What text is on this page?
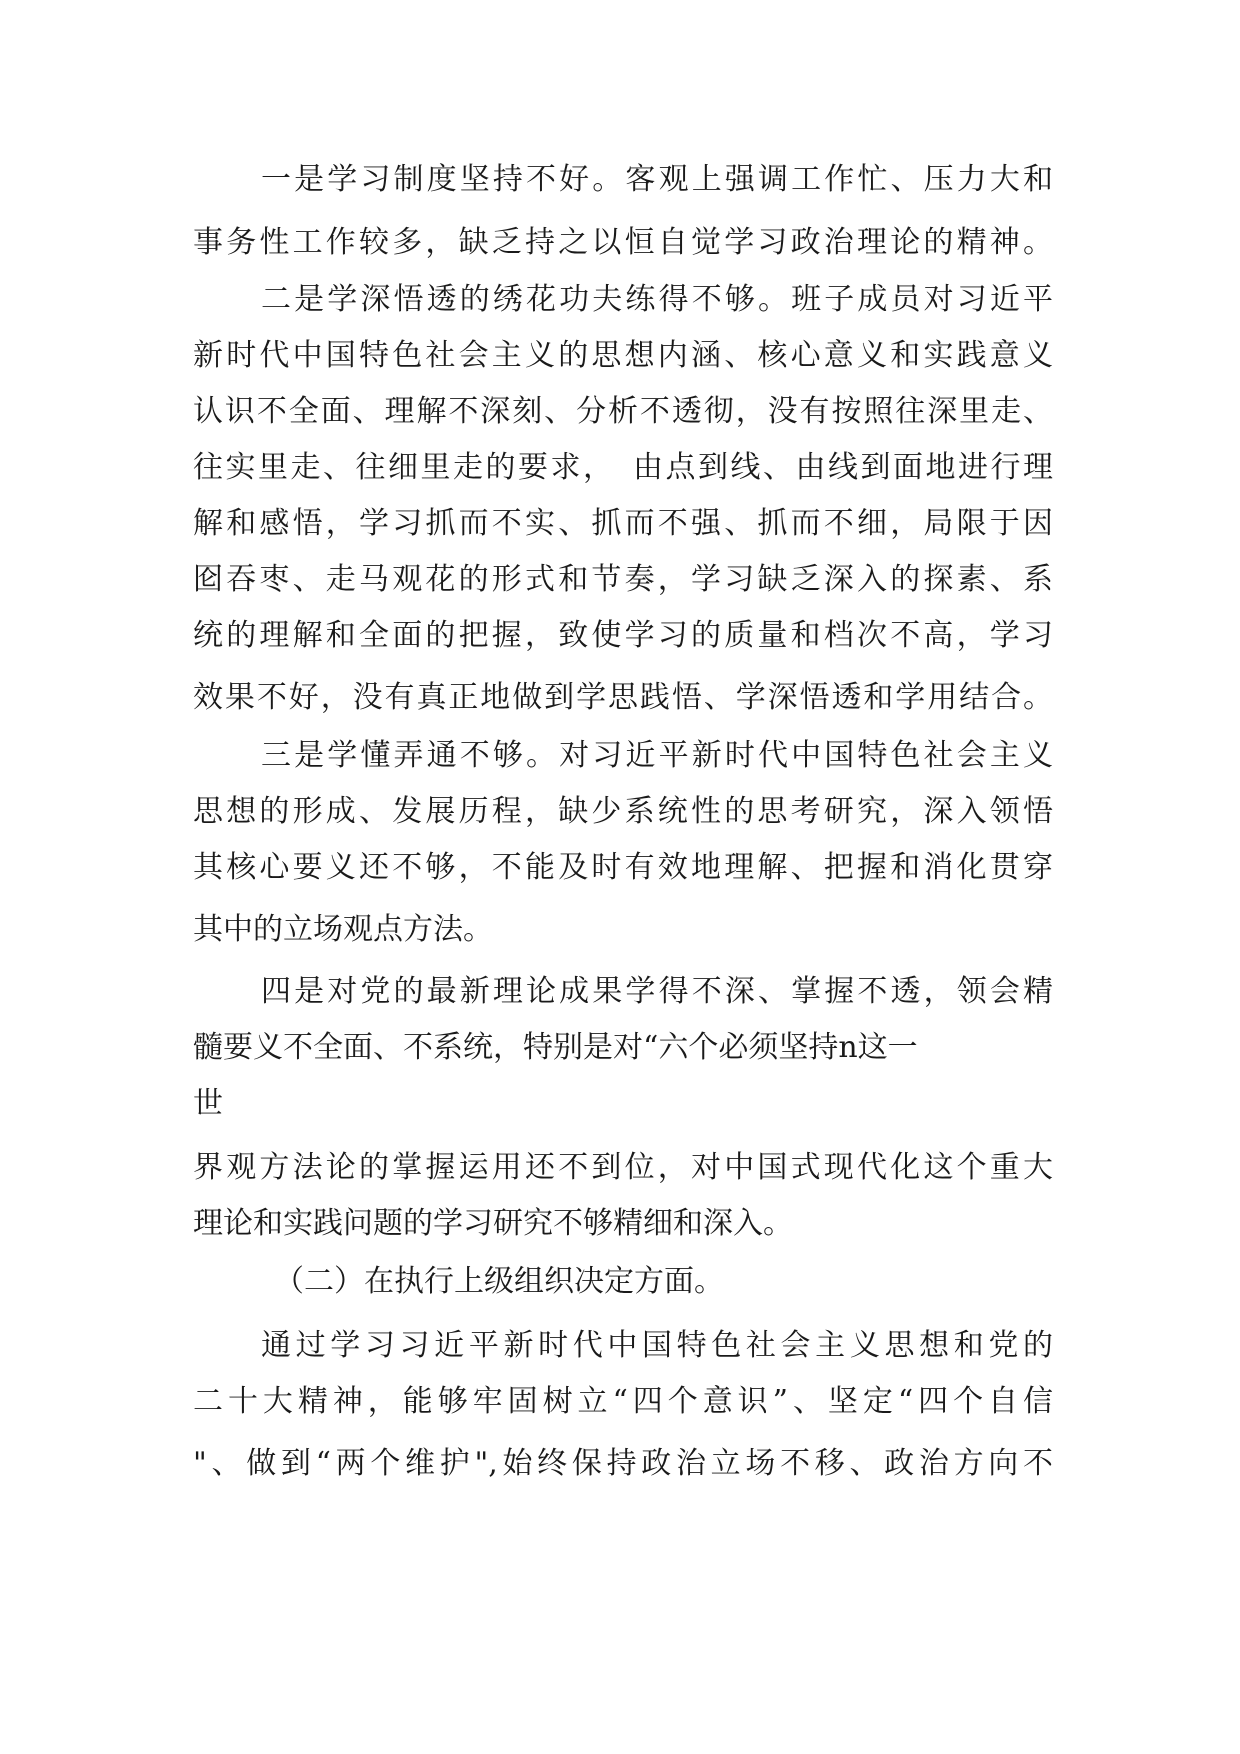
一是学习制度坚持不好。客观上强调工作忙、压力大和
事务性工作较多，缺乏持之以恒自觉学习政治理论的精神。
二是学深悟透的绣花功夫练得不够。班子成员对习近平
新时代中国特色社会主义的思想内涵、核心意义和实践意义
认识不全面、理解不深刻、分析不透彻，没有按照往深里走、
往实里走、往细里走的要求，　由点到线、由线到面地进行理
解和感悟，学习抓而不实、抓而不强、抓而不细，局限于因
囵吞枣、走马观花的形式和节奏，学习缺乏深入的探素、系
统的理解和全面的把握，致使学习的质量和档次不高，学习
效果不好，没有真正地做到学思践悟、学深悟透和学用结合。
三是学懂弄通不够。对习近平新时代中国特色社会主义
思想的形成、发展历程，缺少系统性的思考研究，深入领悟
其核心要义还不够，不能及时有效地理解、把握和消化贯穿
其中的立场观点方法。
四是对党的最新理论成果学得不深、掌握不透，领会精
髓要义不全面、不系统，特别是对“六个必须坚持n这一
世
界观方法论的掌握运用还不到位，对中国式现代化这个重大
理论和实践问题的学习研究不够精细和深入。
（二）在执行上级组织决定方面。
通过学习习近平新时代中国特色社会主义思想和党的
二十大精神，能够牢固树立“四个意识”、坚定“四个自信
"、做到“两个维护",始终保持政治立场不移、政治方向不
